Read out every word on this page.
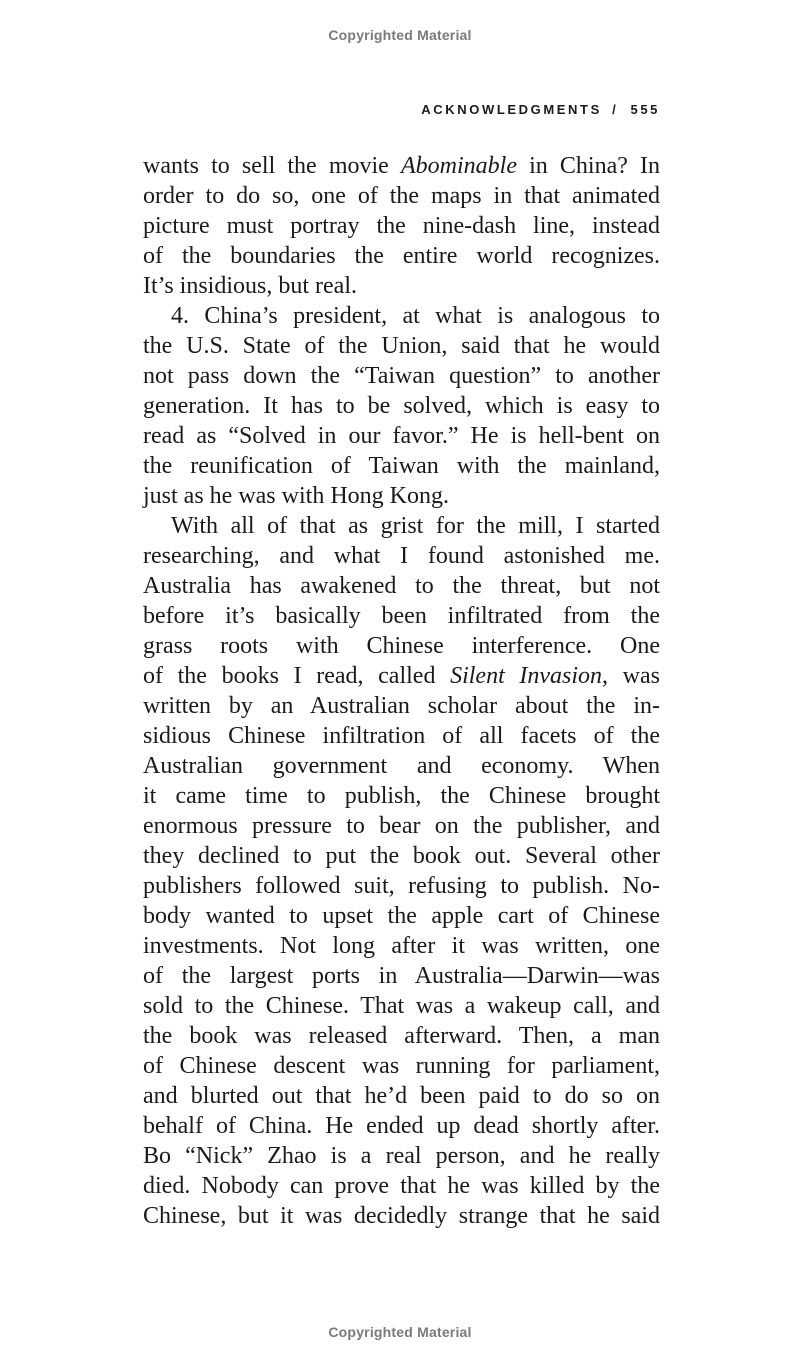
Copyrighted Material
ACKNOWLEDGMENTS / 555
wants to sell the movie Abominable in China? In
order to do so, one of the maps in that animated
picture must portray the nine-dash line, instead
of the boundaries the entire world recognizes.
It’s insidious, but real.
4. China’s president, at what is analogous to
the U.S. State of the Union, said that he would
not pass down the “Taiwan question” to another
generation. It has to be solved, which is easy to
read as “Solved in our favor.” He is hell-bent on
the reunification of Taiwan with the mainland,
just as he was with Hong Kong.
With all of that as grist for the mill, I started
researching, and what I found astonished me.
Australia has awakened to the threat, but not
before it’s basically been infiltrated from the
grass roots with Chinese interference. One
of the books I read, called Silent Invasion, was
written by an Australian scholar about the in-
sidious Chinese infiltration of all facets of the
Australian government and economy. When
it came time to publish, the Chinese brought
enormous pressure to bear on the publisher, and
they declined to put the book out. Several other
publishers followed suit, refusing to publish. No-
body wanted to upset the apple cart of Chinese
investments. Not long after it was written, one
of the largest ports in Australia—Darwin—was
sold to the Chinese. That was a wakeup call, and
the book was released afterward. Then, a man
of Chinese descent was running for parliament,
and blurted out that he’d been paid to do so on
behalf of China. He ended up dead shortly after.
Bo “Nick” Zhao is a real person, and he really
died. Nobody can prove that he was killed by the
Chinese, but it was decidedly strange that he said
Copyrighted Material
